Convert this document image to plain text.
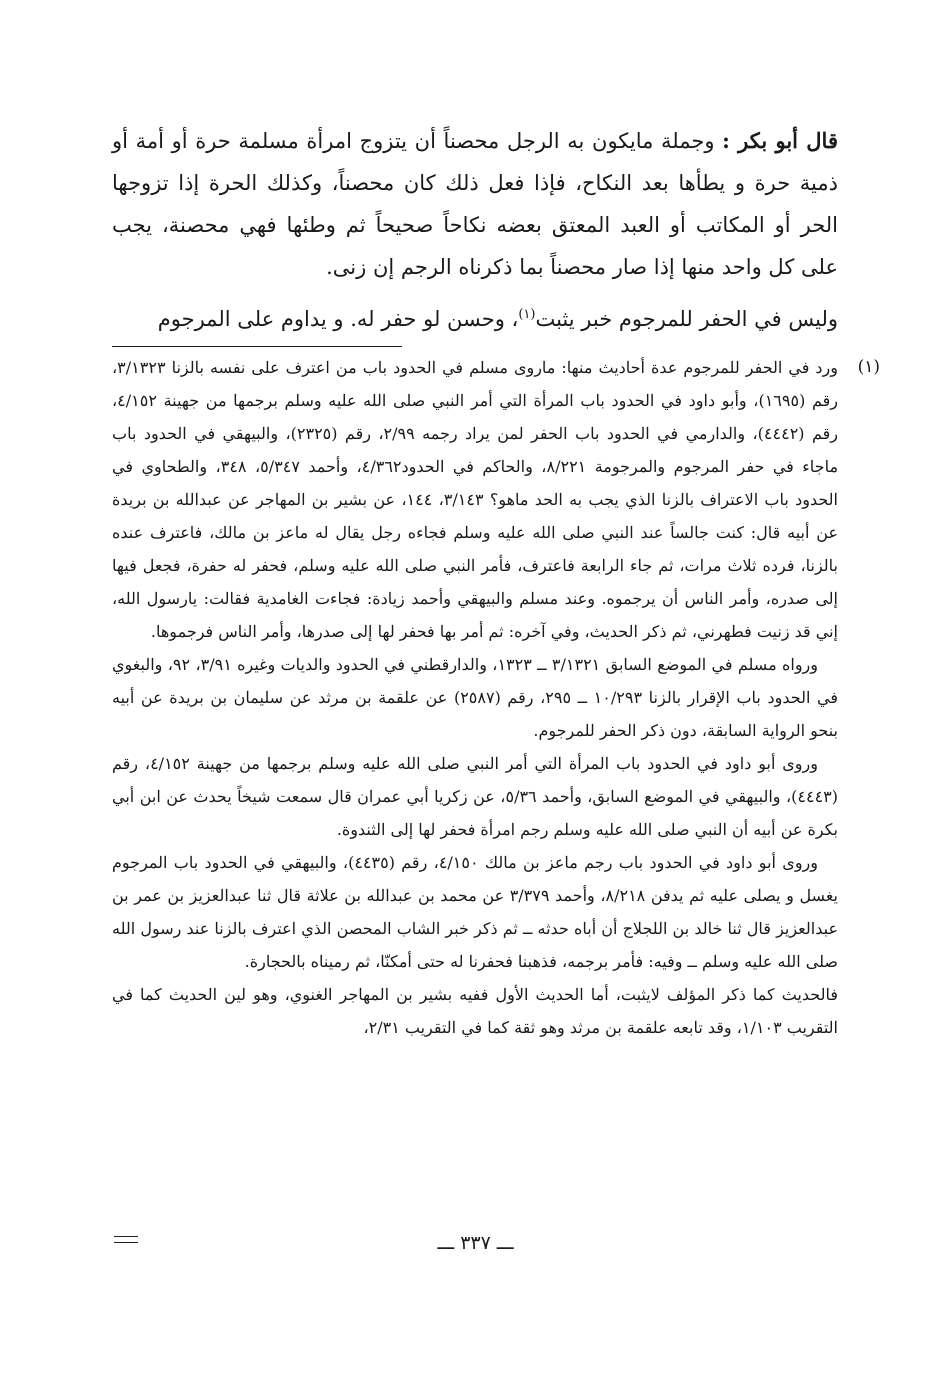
قال أبو بكر : وجملة مايكون به الرجل محصناً أن يتزوج امرأة مسلمة حرة أو أمة أو ذمية حرة و يطأها بعد النكاح، فإذا فعل ذلك كان محصناً، وكذلك الحرة إذا تزوجها الحر أو المكاتب أو العبد المعتق بعضه نكاحاً صحيحاً ثم وطئها فهي محصنة، يجب على كل واحد منها إذا صار محصناً بما ذكرناه الرجم إن زنى.

وليس في الحفر للمرجوم خبر يثبت$^{(١)}$، وحسن لو حفر له. و يداوم على المرجوم

(١)

ورد في الحفر للمرجوم عدة أحاديث منها: ماروى مسلم في الحدود باب من اعترف على نفسه بالزنا ٣/١٣٢٣، رقم (١٦٩٥)، وأبو داود في الحدود باب المرأة التي أمر النبي صلى الله عليه وسلم برجمها من جهينة ٤/١٥٢، رقم (٤٤٤٢)، والدارمي في الحدود باب الحفر لمن يراد رجمه ٢/٩٩، رقم (٢٣٢٥)، والبيهقي في الحدود باب ماجاء في حفر المرجوم والمرجومة ٨/٢٢١، والحاكم في الحدود٤/٣٦٢، وأحمد ٥/٣٤٧، ٣٤٨، والطحاوي في الحدود باب الاعتراف بالزنا الذي يجب به الحد ماهو؟ ٣/١٤٣، ١٤٤، عن بشير بن المهاجر عن عبدالله بن بريدة عن أبيه قال: كنت جالساً عند النبي صلى الله عليه وسلم فجاءه رجل يقال له ماعز بن مالك، فاعترف عنده بالزنا، فرده ثلاث مرات، ثم جاء الرابعة فاعترف، فأمر النبي صلى الله عليه وسلم، فحفر له حفرة، فجعل فيها إلى صدره، وأمر الناس أن يرجموه. وعند مسلم والبيهقي وأحمد زيادة: فجاءت الغامدية فقالت: يارسول الله، إني قد زنيت فطهرني، ثم ذكر الحديث، وفي آخره: ثم أمر بها فحفر لها إلى صدرها، وأمر الناس فرجموها.

ورواه مسلم في الموضع السابق ٣/١٣٢١ ــ ١٣٢٣، والدارقطني في الحدود والديات وغيره ٣/٩١، ٩٢، والبغوي في الحدود باب الإقرار بالزنا ١٠/٢٩٣ ــ ٢٩٥، رقم (٢٥٨٧) عن علقمة بن مرثد عن سليمان بن بريدة عن أبيه بنحو الرواية السابقة، دون ذكر الحفر للمرجوم.

وروى أبو داود في الحدود باب المرأة التي أمر النبي صلى الله عليه وسلم برجمها من جهينة ٤/١٥٢، رقم (٤٤٤٣)، والبيهقي في الموضع السابق، وأحمد ٥/٣٦، عن زكريا أبي عمران قال سمعت شيخاً يحدث عن ابن أبي بكرة عن أبيه أن النبي صلى الله عليه وسلم رجم امرأة فحفر لها إلى الثندوة.

وروى أبو داود في الحدود باب رجم ماعز بن مالك ٤/١٥٠، رقم (٤٤٣٥)، والبيهقي في الحدود باب المرجوم يغسل و يصلى عليه ثم يدفن ٨/٢١٨، وأحمد ٣/٣٧٩ عن محمد بن عبدالله بن علاثة قال ثنا عبدالعزيز بن عمر بن عبدالعزيز قال ثنا خالد بن اللجلاج أن أباه حدثه ــ ثم ذكر خبر الشاب المحصن الذي اعترف بالزنا عند رسول الله صلى الله عليه وسلم ــ وفيه: فأمر برجمه، فذهبنا فحفرنا له حتى أمكنّا، ثم رميناه بالحجارة.

فالحديث كما ذكر المؤلف لايثبت، أما الحديث الأول ففيه بشير بن المهاجر الغنوي، وهو لين الحديث كما في التقريب ١/١٠٣، وقد تابعه علقمة بن مرثد وهو ثقة كما في التقريب ٢/٣١،

ـــ ٣٣٧ ـــ
